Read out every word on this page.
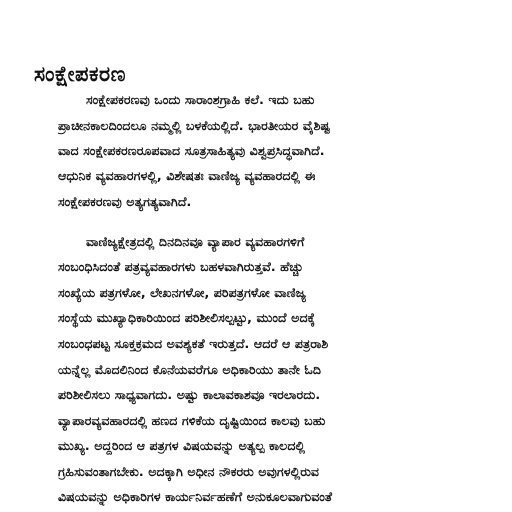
ಸಂಕ್ಷೇಪಕರಣ
ಸಂಕ್ಷೇಪಕರಣವು ಒಂದು ಸಾರಾಂಶಗ್ರಾಹಿ ಕಲೆ. ಇದು ಬಹು
ಪ್ರಾಚೀನಕಾಲದಿಂದಲೂ ನಮ್ಮಲ್ಲಿ ಬಳಕೆಯಲ್ಲಿದೆ. ಭಾರತೀಯರ ವೈಶಿಷ್ಟ
ವಾದ ಸಂಕ್ಷೇಪಕರಣರೂಪವಾದ ಸೂತ್ರಸಾಹಿತ್ಯವು ವಿಶ್ವಪ್ರಸಿದ್ಧವಾಗಿದೆ.
ಆಧುನಿಕ ವ್ಯವಹಾರಗಳಲ್ಲಿ, ವಿಶೇಷತಃ ವಾಣಿಜ್ಯ ವ್ಯವಹಾರದಲ್ಲಿ ಈ
ಸಂಕ್ಷೇಪಕರಣವು ಅತ್ಯಗತ್ಯವಾಗಿದೆ.
ವಾಣಿಜ್ಯಕ್ಷೇತ್ರದಲ್ಲಿ ದಿನದಿನವೂ ವ್ಯಾಪಾರ ವ್ಯವಹಾರಗಳಿಗೆ
ಸಂಬಂಧಿಸಿದಂತೆ ಪತ್ರವ್ಯವಹಾರಗಳು ಬಹಳವಾಗಿರುತ್ತವೆ. ಹೆಚ್ಚು
ಸಂಖ್ಯೆಯ ಪತ್ರಗಳೋ, ಲೇಖನಗಳೋ, ಪರಿಪತ್ರಗಳೋ ವಾಣಿಜ್ಯ
ಸಂಸ್ಥೆಯ ಮುಖ್ಯಾಧಿಕಾರಿಯಿಂದ ಪರಿಶೀಲಿಸಲ್ಪಟ್ಟು, ಮುಂದೆ ಅದಕ್ಕೆ
ಸಂಬಂಧಪಟ್ಟ ಸೂಕ್ತಕ್ರಮದ ಅವಶ್ಯಕತೆ ಇರುತ್ತದೆ. ಆದರೆ ಆ ಪತ್ರರಾಶಿ
ಯನ್ನೆಲ್ಲ ಮೊದಲಿನಿಂದ ಕೊನೆಯವರೆಗೂ ಅಧಿಕಾರಿಯು ತಾನೇ ಓದಿ
ಪರಿಶೀಲಿಸಲು ಸಾಧ್ಯವಾಗದು. ಅಷ್ಟು ಕಾಲಾವಕಾಶವೂ ಇರಲಾರದು.
ವ್ಯಾಪಾರವ್ಯವಹಾರದಲ್ಲಿ ಹಣದ ಗಳಿಕೆಯ ದೃಷ್ಟಿಯಿಂದ ಕಾಲವು ಬಹು
ಮುಖ್ಯ. ಅದ್ದರಿಂದ ಆ ಪತ್ರಗಳ ವಿಷಯವನ್ನು ಅತ್ಯಲ್ಪ ಕಾಲದಲ್ಲಿ
ಗ್ರಹಿಸುವಂತಾಗಬೇಕು. ಅದಕ್ಕಾಗಿ ಅಧೀನ ನೌಕರರು ಅವುಗಳಲ್ಲಿರುವ
ವಿಷಯವನ್ನು ಅಧಿಕಾರಿಗಳ ಕಾರ್ಯನಿರ್ವಹಣೆಗೆ ಅನುಕೂಲವಾಗುವಂತೆ
